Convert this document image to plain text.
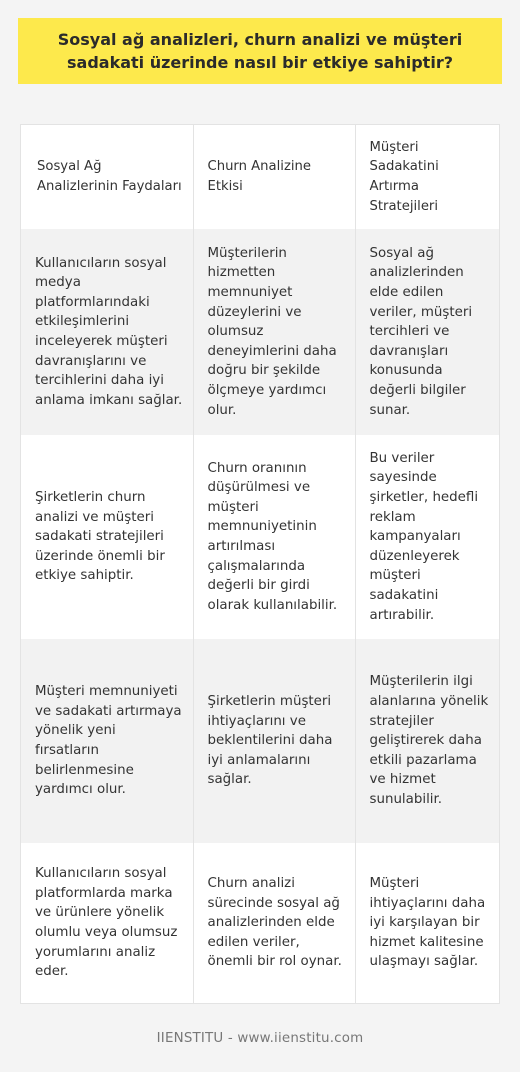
Sosyal ağ analizleri, churn analizi ve müşteri sadakati üzerinde nasıl bir etkiye sahiptir?
Sosyal Ağ Analizlerinin Faydaları	Churn Analizine Etkisi	Müşteri Sadakatini Artırma Stratejileri
Kullanıcıların sosyal medya platformlarındaki etkileşimlerini inceleyerek müşteri davranışlarını ve tercihlerini daha iyi anlama imkanı sağlar.	Müşterilerin hizmetten memnuniyet düzeylerini ve olumsuz deneyimlerini daha doğru bir şekilde ölçmeye yardımcı olur.	Sosyal ağ analizlerinden elde edilen veriler, müşteri tercihleri ve davranışları konusunda değerli bilgiler sunar.
Şirketlerin churn analizi ve müşteri sadakati stratejileri üzerinde önemli bir etkiye sahiptir.	Churn oranının düşürülmesi ve müşteri memnuniyetinin artırılması çalışmalarında değerli bir girdi olarak kullanılabilir.	Bu veriler sayesinde şirketler, hedefli reklam kampanyaları düzenleyerek müşteri sadakatini artırabilir.
Müşteri memnuniyeti ve sadakati artırmaya yönelik yeni fırsatların belirlenmesine yardımcı olur.	Şirketlerin müşteri ihtiyaçlarını ve beklentilerini daha iyi anlamalarını sağlar.	Müşterilerin ilgi alanlarına yönelik stratejiler geliştirerek daha etkili pazarlama ve hizmet sunulabilir.
Kullanıcıların sosyal platformlarda marka ve ürünlere yönelik olumlu veya olumsuz yorumlarını analiz eder.	Churn analizi sürecinde sosyal ağ analizlerinden elde edilen veriler, önemli bir rol oynar.	Müşteri ihtiyaçlarını daha iyi karşılayan bir hizmet kalitesine ulaşmayı sağlar.
IIENSTITU - www.iienstitu.com
